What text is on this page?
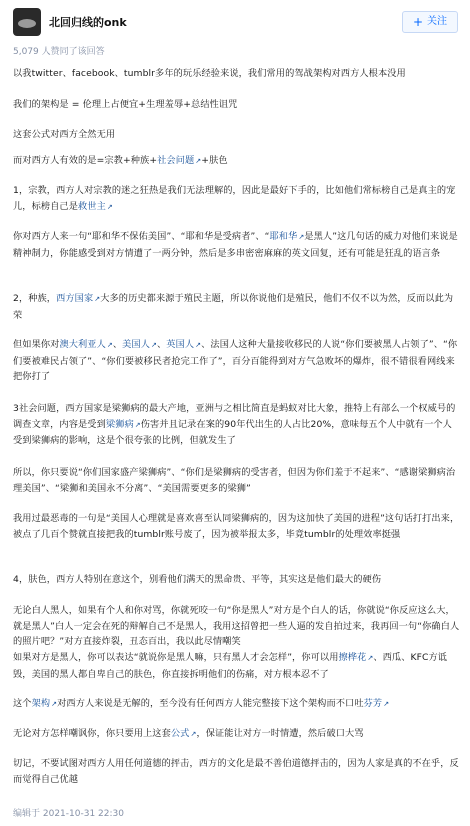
北回归线的onk	+ 关注
5,079 人赞同了该回答

以我twitter、facebook、tumblr多年的玩乐经验来说，我们常用的驾战架构对西方人根本没用

我们的架构是 = 伦理上占便宜+生理羞辱+总结性诅咒

这套公式对西方全然无用

而对西方人有效的是=宗教+种族+社会问题↗+肤色

1，宗教，西方人对宗教的迷之狂热是我们无法理解的，因此是最好下手的，比如他们常标榜自己是真主的宠儿，标榜自己是救世主↗

你对西方人来一句“耶和华不保佑美国”、“耶和华是受病者”、“耶和华↗是黑人”这几句话的威力对他们来说是精神制力，你能感受到对方情遭了一两分钟，然后是多串密密麻麻的英文回复，还有可能是狂乱的语言条

2，种族，西方国家↗大多的历史都来源于殖民主题，所以你说他们是殖民，他们不仅不以为然，反而以此为荣

但如果你对澳大利亚人↗、美国人↗、英国人↗、法国人这种大量接收移民的人说“你们要被黑人占领了”、“你们要被难民占领了”、“你们要被移民者抢完工作了”，百分百能得到对方气急败坏的爆炸，很不错很看网线来把你打了

3社会问题，西方国家是梁狮病的最大产地，亚洲与之相比简直是蚂蚁对比大象，推特上有部么一个权威号的调查文章，内容是受到梁狮病↗伤害并且记录在案的90年代出生的人占比20%，意味每五个人中就有一个人受到梁狮病的影响，这是个很夸张的比例，但就发生了

所以，你只要说“你们国家盛产梁狮病”、“你们是梁狮病的受害者，但因为你们羞于不起来”、“感谢梁狮病治理美国”、“梁狮和美国永不分离”、“美国需要更多的梁狮”

我用过最恶毒的一句是“美国人心理就是喜欢喜至认同梁狮病的，因为这加快了美国的进程”这句话打打出来，被点了几百个赞就直接把我的tumblr账号废了，因为被举报太多，毕竟tumblr的处理效率挺强

4，肤色，西方人特别在意这个，别看他们满天的黑命贵、平等，其实这是他们最大的硬伤

无论白人黑人，如果有个人和你对骂，你就死咬一句“你是黑人”对方是个白人的话，你就说“你反应这么大，就是黑人”白人一定会在死的辩解自己不是黑人，我用这招曾把一些人逼的发自拍过来，我再回一句“你确白人的照片吧？”对方直接炸裂，丑态百出，我以此尽情嘲笑

如果对方是黑人，你可以表达“就说你是黑人嘛，只有黑人才会怎样”，你可以用擦桦花↗、西瓜、KFC方诋毁，美国的黑人都自卑自己的肤色，你直接拆明他们的伤痛，对方根本忍不了

这个架构↗对西方人来说是无解的，至今没有任何西方人能完整接下这个架构而不口吐芬芳↗

无论对方怎样嘲讽你，你只要用上这套公式↗，保证能让对方一时情遭，然后破口大骂

切记，不要试图对西方人用任何道德的抨击，西方的文化是最不善伯道德抨击的，因为人家是真的不在乎，反而觉得自己优越

编辑于 2021-10-31 22:30
